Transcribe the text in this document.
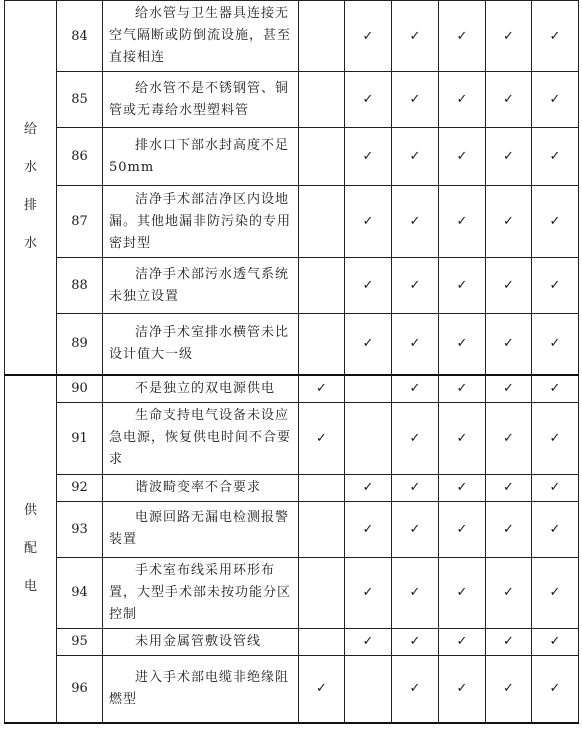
给
水
排
水	84	给水管与卫生器具连接无空气隔断或防倒流设施，甚至直接相连		✓	✓	✓	✓	✓
	85	给水管不是不锈钢管、铜管或无毒给水型塑料管		✓	✓	✓	✓	✓
	86	排水口下部水封高度不足 50mm		✓	✓	✓	✓	✓
	87	洁净手术部洁净区内设地漏。其他地漏非防污染的专用密封型		✓	✓	✓	✓	✓
	88	洁净手术部污水透气系统未独立设置		✓	✓	✓	✓	✓
	89	洁净手术室排水横管未比设计值大一级		✓	✓	✓	✓	✓

供
配
电	90	不是独立的双电源供电	✓		✓	✓	✓	✓
	91	生命支持电气设备未设应急电源，恢复供电时间不合要求	✓		✓	✓	✓	✓
	92	谐波畸变率不合要求		✓	✓	✓	✓	✓
	93	电源回路无漏电检测报警装置		✓	✓	✓	✓	✓
	94	手术室布线采用环形布置，大型手术部未按功能分区控制		✓	✓	✓	✓	✓
	95	未用金属管敷设管线		✓	✓	✓	✓	✓
	96	进入手术部电缆非绝缘阻燃型	✓		✓	✓	✓	✓
